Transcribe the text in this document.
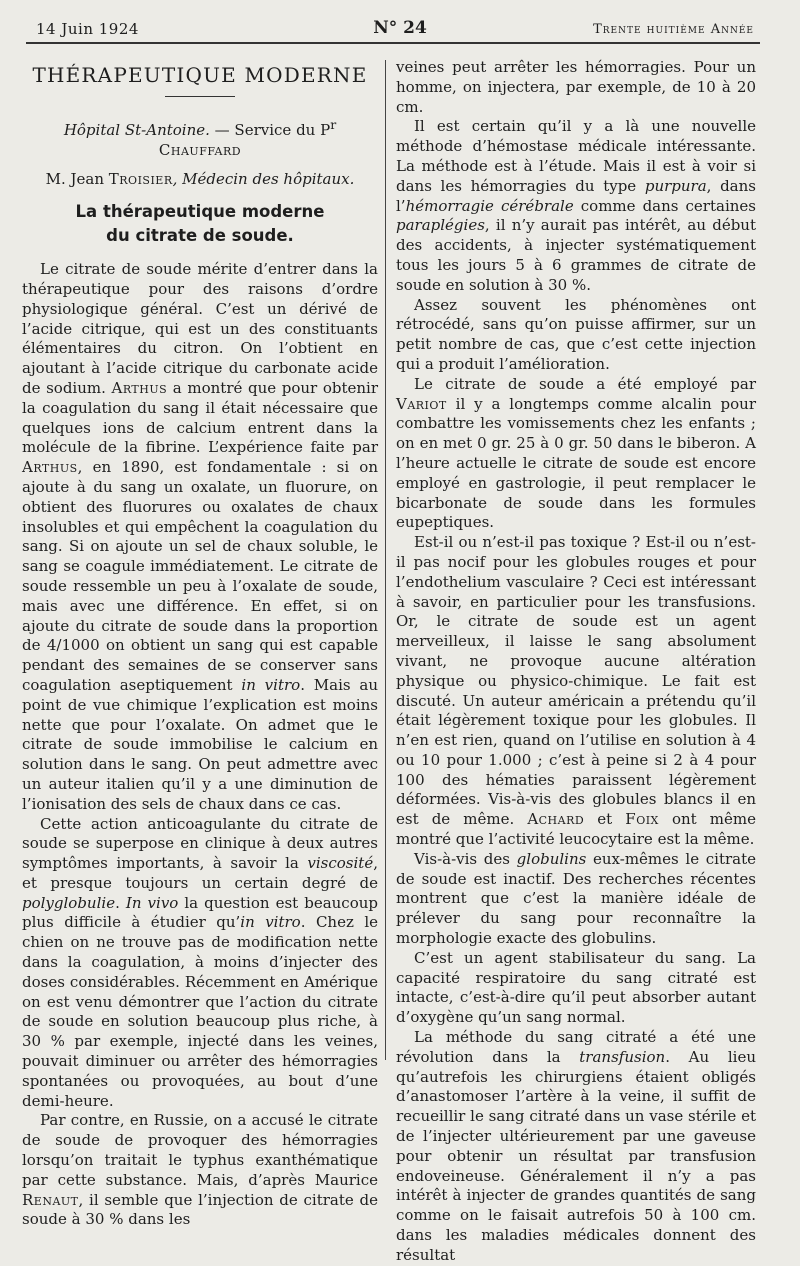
14 Juin 1924	N° 24	Trente huitième Année
THÉRAPEUTIQUE MODERNE

Hôpital St-Antoine. — Service du $P^r$ Chauffard

M. Jean Troisier, Médecin des hôpitaux.

La thérapeutique moderne
du citrate de soude.

Le citrate de soude mérite d’entrer dans la thérapeutique pour des raisons d’ordre physiologique général. C’est un dérivé de l’acide citrique, qui est un des constituants élémentaires du citron. On l’obtient en ajoutant à l’acide citrique du carbonate acide de sodium. Arthus a montré que pour obtenir la coagulation du sang il était nécessaire que quelques ions de calcium entrent dans la molécule de la fibrine. L’expérience faite par Arthus, en 1890, est fondamentale : si on ajoute à du sang un oxalate, un fluorure, on obtient des fluorures ou oxalates de chaux insolubles et qui empêchent la coagulation du sang. Si on ajoute un sel de chaux soluble, le sang se coagule immédiatement. Le citrate de soude ressemble un peu à l’oxalate de soude, mais avec une différence. En effet, si on ajoute du citrate de soude dans la proportion de 4/1000 on obtient un sang qui est capable pendant des semaines de se conserver sans coagulation aseptiquement in vitro. Mais au point de vue chimique l’explication est moins nette que pour l’oxalate. On admet que le citrate de soude immobilise le calcium en solution dans le sang. On peut admettre avec un auteur italien qu’il y a une diminution de l’ionisation des sels de chaux dans ce cas.

Cette action anticoagulante du citrate de soude se superpose en clinique à deux autres symptômes importants, à savoir la viscosité, et presque toujours un certain degré de polyglobulie. In vivo la question est beaucoup plus difficile à étudier qu’in vitro. Chez le chien on ne trouve pas de modification nette dans la coagulation, à moins d’injecter des doses considérables. Récemment en Amérique on est venu démontrer que l’action du citrate de soude en solution beaucoup plus riche, à 30 % par exemple, injecté dans les veines, pouvait diminuer ou arrêter des hémorragies spontanées ou provoquées, au bout d’une demi-heure.

Par contre, en Russie, on a accusé le citrate de soude de provoquer des hémorragies lorsqu’on traitait le typhus exanthématique par cette substance. Mais, d’après Maurice Renaut, il semble que l’injection de citrate de soude à 30 % dans les

veines peut arrêter les hémorragies. Pour un homme, on injectera, par exemple, de 10 à 20 cm.

Il est certain qu’il y a là une nouvelle méthode d’hémostase médicale intéressante. La méthode est à l’étude. Mais il est à voir si dans les hémorragies du type purpura, dans l’hémorragie cérébrale comme dans certaines paraplégies, il n’y aurait pas intérêt, au début des accidents, à injecter systématiquement tous les jours 5 à 6 grammes de citrate de soude en solution à 30 %.

Assez souvent les phénomènes ont rétrocédé, sans qu’on puisse affirmer, sur un petit nombre de cas, que c’est cette injection qui a produit l’amélioration.

Le citrate de soude a été employé par Variot il y a longtemps comme alcalin pour combattre les vomissements chez les enfants ; on en met 0 gr. 25 à 0 gr. 50 dans le biberon. A l’heure actuelle le citrate de soude est encore employé en gastrologie, il peut remplacer le bicarbonate de soude dans les formules eupeptiques.

Est-il ou n’est-il pas toxique ? Est-il ou n’est-il pas nocif pour les globules rouges et pour l’endothelium vasculaire ? Ceci est intéressant à savoir, en particulier pour les transfusions. Or, le citrate de soude est un agent merveilleux, il laisse le sang absolument vivant, ne provoque aucune altération physique ou physico-chimique. Le fait est discuté. Un auteur américain a prétendu qu’il était légèrement toxique pour les globules. Il n’en est rien, quand on l’utilise en solution à 4 ou 10 pour 1.000 ; c’est à peine si 2 à 4 pour 100 des hématies paraissent légèrement déformées. Vis-à-vis des globules blancs il en est de même. Achard et Foix ont même montré que l’activité leucocytaire est la même.

Vis-à-vis des globulins eux-mêmes le citrate de soude est inactif. Des recherches récentes montrent que c’est la manière idéale de prélever du sang pour reconnaître la morphologie exacte des globulins.

C’est un agent stabilisateur du sang. La capacité respiratoire du sang citraté est intacte, c’est-à-dire qu’il peut absorber autant d’oxygène qu’un sang normal.

La méthode du sang citraté a été une révolution dans la transfusion. Au lieu qu’autrefois les chirurgiens étaient obligés d’anastomoser l’artère à la veine, il suffit de recueillir le sang citraté dans un vase stérile et de l’injecter ultérieurement par une gaveuse pour obtenir un résultat par transfusion endoveineuse. Généralement il n’y a pas intérêt à injecter de grandes quantités de sang comme on le faisait autrefois 50 à 100 cm. dans les maladies médicales donnent des résultat
